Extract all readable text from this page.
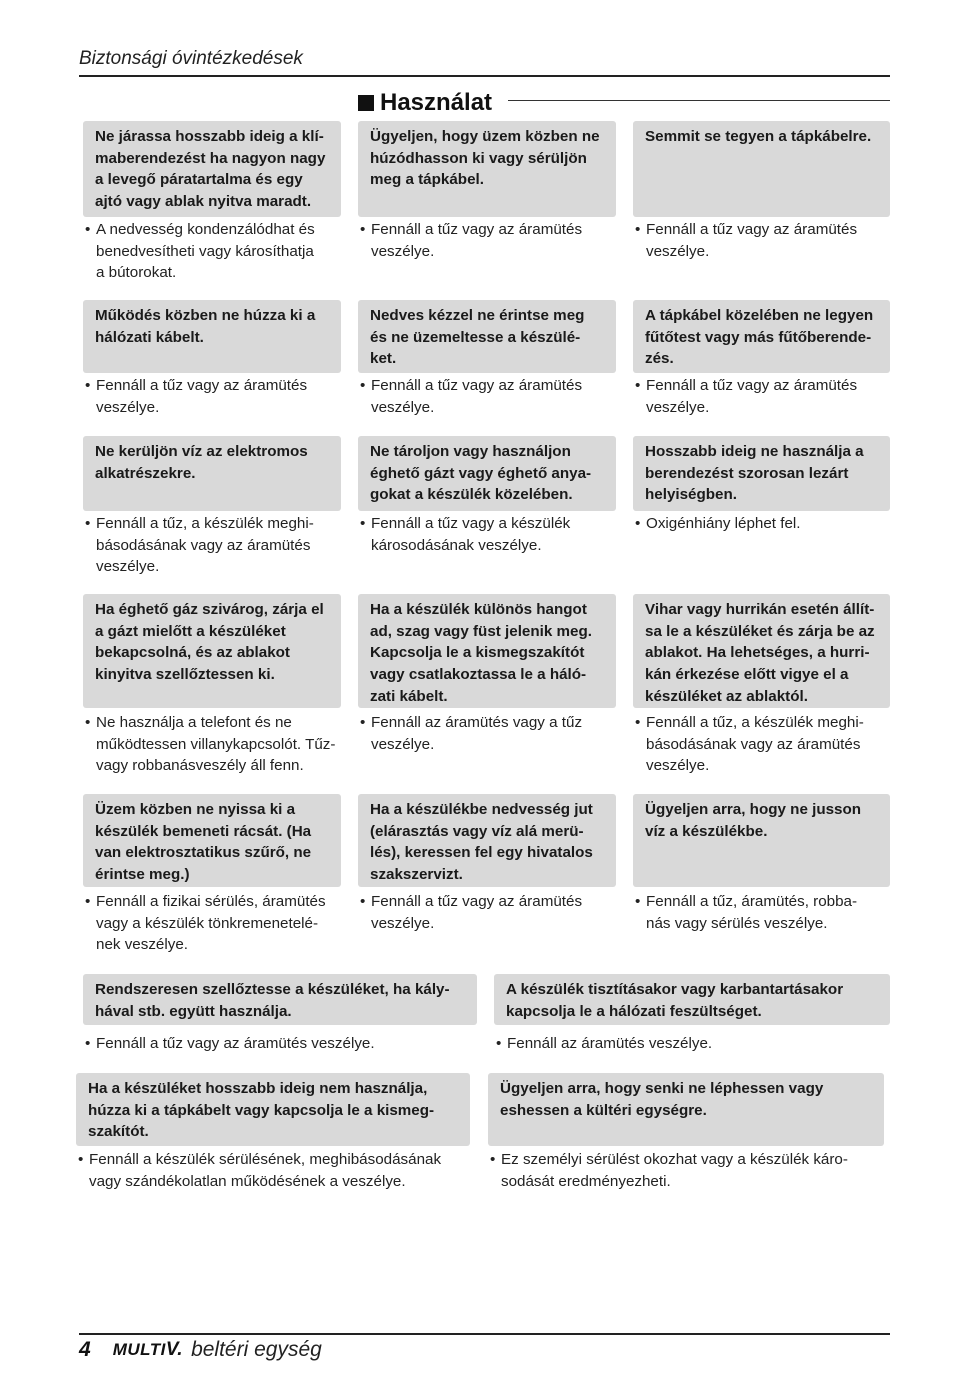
Biztonsági óvintézkedések
Használat
Ne járassa hosszabb ideig a klí-
maberendezést ha nagyon nagy
a levegő páratartalma és egy
ajtó vagy ablak nyitva maradt.
• A nedvesség kondenzálódhat és
benedvesítheti vagy károsíthatja
a bútorokat.
Ügyeljen, hogy üzem közben ne
húzódhasson ki vagy sérüljön
meg a tápkábel.
• Fennáll a tűz vagy az áramütés
veszélye.
Semmit se tegyen a tápkábelre.
• Fennáll a tűz vagy az áramütés
veszélye.
Működés közben ne húzza ki a
hálózati kábelt.
• Fennáll a tűz vagy az áramütés
veszélye.
Nedves kézzel ne érintse meg
és ne üzemeltesse a készülé-
ket.
• Fennáll a tűz vagy az áramütés
veszélye.
A tápkábel közelében ne legyen
fűtőtest vagy más fűtőberende-
zés.
• Fennáll a tűz vagy az áramütés
veszélye.
Ne kerüljön víz az elektromos
alkatrészekre.
• Fennáll a tűz, a készülék meghi-
básodásának vagy az áramütés
veszélye.
Ne tároljon vagy használjon
éghető gázt vagy éghető anya-
gokat a készülék közelében.
• Fennáll a tűz vagy a készülék
károsodásának veszélye.
Hosszabb ideig ne használja a
berendezést szorosan lezárt
helyiségben.
• Oxigénhiány léphet fel.
Ha éghető gáz szivárog, zárja el
a gázt mielőtt a készüléket
bekapcsolná, és az ablakot
kinyitva szellőztessen ki.
• Ne használja a telefont és ne
működtessen villanykapcsolót. Tűz-
vagy robbanásveszély áll fenn.
Ha a készülék különös hangot
ad, szag vagy füst jelenik meg.
Kapcsolja le a kismegszakítót
vagy csatlakoztassa le a háló-
zati kábelt.
• Fennáll az áramütés vagy a tűz
veszélye.
Vihar vagy hurrikán esetén állít-
sa le a készüléket és zárja be az
ablakot. Ha lehetséges, a hurri-
kán érkezése előtt vigye el a
készüléket az ablaktól.
• Fennáll a tűz, a készülék meghi-
básodásának vagy az áramütés
veszélye.
Üzem közben ne nyissa ki a
készülék bemeneti rácsát. (Ha
van elektrosztatikus szűrő, ne
érintse meg.)
• Fennáll a fizikai sérülés, áramütés
vagy a készülék tönkremenetelé-
nek veszélye.
Ha a készülékbe nedvesség jut
(elárasztás vagy víz alá merü-
lés), keressen fel egy hivatalos
szakszervizt.
• Fennáll a tűz vagy az áramütés
veszélye.
Ügyeljen arra, hogy ne jusson
víz a készülékbe.
• Fennáll a tűz, áramütés, robba-
nás vagy sérülés veszélye.
Rendszeresen szellőztesse a készüléket, ha kály-
hával stb. együtt használja.
• Fennáll a tűz vagy az áramütés veszélye.
A készülék tisztításakor vagy karbantartásakor
kapcsolja le a hálózati feszültséget.
• Fennáll az áramütés veszélye.
Ha a készüléket hosszabb ideig nem használja,
húzza ki a tápkábelt vagy kapcsolja le a kismeg-
szakítót.
• Fennáll a készülék sérülésének, meghibásodásának
vagy szándékolatlan működésének a veszélye.
Ügyeljen arra, hogy senki ne léphessen vagy
eshessen a kültéri egységre.
• Ez személyi sérülést okozhat vagy a készülék káro-
sodását eredményezheti.
4 MULTIV. beltéri egység
